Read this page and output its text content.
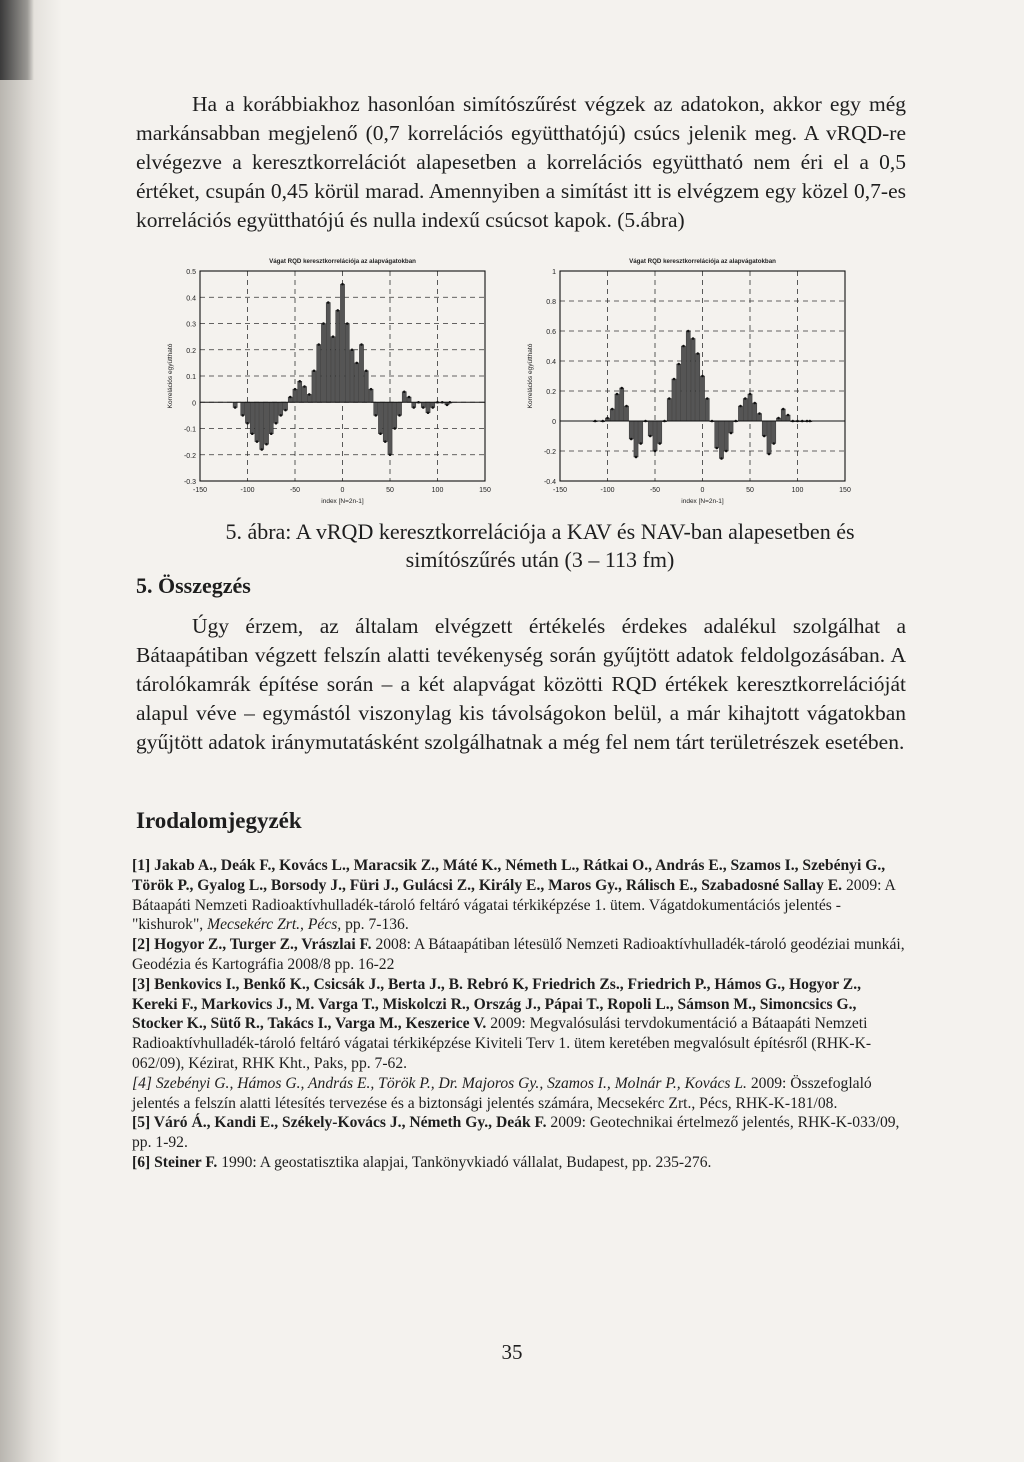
Ha a korábbiakhoz hasonlóan simítószűrést végzek az adatokon, akkor egy még markánsabban megjelenő (0,7 korrelációs együtthatójú) csúcs jelenik meg. A vRQD-re elvégezve a keresztkorrelációt alapesetben a korrelációs együttható nem éri el a 0,5 értéket, csupán 0,45 körül marad. Amennyiben a simítást itt is elvégzem egy közel 0,7-es korrelációs együtthatójú és nulla indexű csúcsot kapok. (5.ábra)

Vágat RQD keresztkorrelációja az alapvágatokban
0.5
0.4
0.3
0.2
0.1
0
-0.1
-0.2
-0.3
-150	-100	-50	0	50	100	150
index [N=2n-1]
Korrelációs együttható
Vágat RQD keresztkorrelációja az alapvágatokban
1
0.8
0.6
0.4
0.2
0
-0.2
-0.4
-150	-100	-50	0	50	100	150
index [N=2n-1]
Korrelációs együttható

5. ábra: A vRQD keresztkorrelációja a KAV és NAV-ban alapesetben és simítószűrés után (3 – 113 fm)

5. Összegzés

Úgy érzem, az általam elvégzett értékelés érdekes adalékul szolgálhat a Bátaapátiban végzett felszín alatti tevékenység során gyűjtött adatok feldolgozásában. A tárolókamrák építése során – a két alapvágat közötti RQD értékek keresztkorrelációját alapul véve – egymástól viszonylag kis távolságokon belül, a már kihajtott vágatokban gyűjtött adatok iránymutatásként szolgálhatnak a még fel nem tárt területrészek esetében.

Irodalomjegyzék
[1] Jakab A., Deák F., Kovács L., Maracsik Z., Máté K., Németh L., Rátkai O., András E., Szamos I., Szebényi G., Török P., Gyalog L., Borsody J., Füri J., Gulácsi Z., Király E., Maros Gy., Rálisch E., Szabadosné Sallay E. 2009: A Bátaapáti Nemzeti Radioaktívhulladék-tároló feltáró vágatai térkiképzése 1. ütem. Vágatdokumentációs jelentés - "kishurok", Mecsekérc Zrt., Pécs, pp. 7-136.
[2] Hogyor Z., Turger Z., Vrászlai F. 2008: A Bátaapátiban létesülő Nemzeti Radioaktívhulladék-tároló geodéziai munkái, Geodézia és Kartográfia 2008/8 pp. 16-22
[3] Benkovics I., Benkő K., Csicsák J., Berta J., B. Rebró K, Friedrich Zs., Friedrich P., Hámos G., Hogyor Z., Kereki F., Markovics J., M. Varga T., Miskolczi R., Ország J., Pápai T., Ropoli L., Sámson M., Simoncsics G., Stocker K., Sütő R., Takács I., Varga M., Keszerice V. 2009: Megvalósulási tervdokumentáció a Bátaapáti Nemzeti Radioaktívhulladék-tároló feltáró vágatai térkiképzése Kiviteli Terv 1. ütem keretében megvalósult építésről (RHK-K-062/09), Kézirat, RHK Kht., Paks, pp. 7-62.
[4] Szebényi G., Hámos G., András E., Török P., Dr. Majoros Gy., Szamos I., Molnár P., Kovács L. 2009: Összefoglaló jelentés a felszín alatti létesítés tervezése és a biztonsági jelentés számára, Mecsekérc Zrt., Pécs, RHK-K-181/08.
[5] Váró Á., Kandi E., Székely-Kovács J., Németh Gy., Deák F. 2009: Geotechnikai értelmező jelentés, RHK-K-033/09, pp. 1-92.
[6] Steiner F. 1990: A geostatisztika alapjai, Tankönyvkiadó vállalat, Budapest, pp. 235-276.
35
